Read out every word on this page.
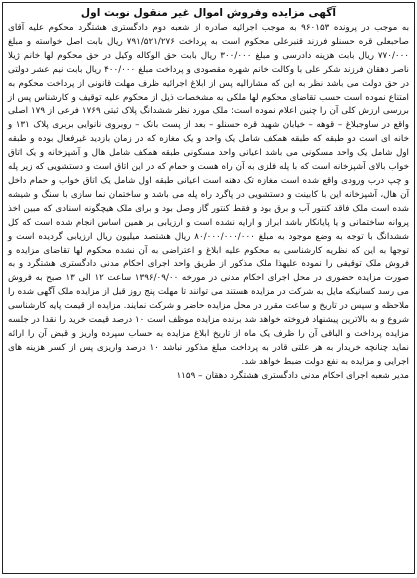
آگهی مزایده وفروش اموال غیر منقول نوبت اول

به موجب در پرونده ۹۶۰۱۵۳ به موجب اجرائیه صادره از شعبه دوم دادگستری هشتگرد محکوم علیه آقای صاحبعلی قره حسنلو فرزند قنبرعلی محکوم است به پرداخت ۷۹۱/۵۲۱/۲۷۶ ریال بابت اصل خواسته و مبلغ ۷۷۰/۰۰۰ ریال بابت هزینه دادرسی و مبلغ ۳۰۰/۰۰۰ ریال بابت حق الوکاله وکیل در حق محکوم لها خانم ژیلا ناصر دهقان فرزند شکر علی با وکالت خانم شهره مقصودی و پرداخت مبلغ ۴۰۰/۰۰۰ ریال بابت نیم عشر دولتی در حق دولت می باشد نظر به این که مشارالیه پس از ابلاغ اجرائیه ظرف مهلت قانونی از پرداخت محکوم به امتناع نموده است حسب تقاضای محکوم لها ملکی به مشخصات ذیل از محکوم علیه توقیف و کارشناس پس از بررسی ارزش کلی آن را چنین اعلام نموده است: ملک مورد نظر ششدانگ پلاک ثبتی ۱۷۶۹ فرعی از ۱۷۹ اصلی واقع در ساوجبلاغ – قوهه – خیابان شهید قره حسنلو – بعد از پست بانک – روبروی نانوایی بربری پلاک ۱۳۱ و خانه ای است دو طبقه که طبقه همکف شامل یک واحد و یک مغازه که در زمان بازدید غیرفعال بوده و طبقه اول شامل یک واحد مسکونی می باشد اعیانی واحد مسکونی طبقه همکف شامل هال و آشپزخانه و یک اتاق خواب بالای آشپزخانه است که با پله فلزی به آن راه هست و حمام که در این اتاق است و دستشویی که زیر پله و چپ درب ورودی واقع شده است مغازه تک دهنه است اعیانی طبقه اول شامل یک اتاق خواب و حمام داخل آن هال، آشپزخانه این با کابینت و دستشویی در پاگرد راه پله می باشد و ساختمان نما سازی با سنگ و شیشه شده است ملک فاقد کنتور آب و برق بود و فقط کنتور گاز وصل بود و برای ملک هیچگونه اسنادی که مبین اخذ پروانه ساختمانی و یا پایانکار باشد ابراز و ارایه نشده است و ارزیابی بر همین اساس انجام شده است که کل ششدانگ با توجه به وضع موجود به مبلغ ۸۰/۰۰۰/۰۰۰/۰۰۰ ریال هشتصد میلیون ریال ارزیابی گردیده است و توجها به این که نظریه کارشناسی به محکوم علیه ابلاغ و اعتراضی به آن نشده محکوم لها تقاضای مزایده و فروش ملک توقیفی را نموده علیهذا ملک مذکور از طریق واحد اجرای احکام مدنی دادگستری هشتگرد و به صورت مزایده حضوری در محل اجرای احکام مدنی در مورخه ۱۳۹۶/۰۹/۰۰ ساعت ۱۲ الی ۱۳ صبح به فروش می رسد کسانیکه مایل به شرکت در مزایده هستند می توانند تا مهلت پنج روز قبل از مزایده ملک آگهی شده را ملاحظه و سپس در تاریخ و ساعت مقرر در محل مزایده حاضر و شرکت نمایند. مزایده از قیمت پایه کارشناسی شروع و به بالاترین پیشنهاد فروخته خواهد شد برنده مزایده موظف است ۱۰ درصد قیمت خرید را نقدا در جلسه مزایده پرداخت و الباقی آن را ظرف یک ماه از تاریخ ابلاغ مزایده به حساب سپرده واریز و قبض آن را ارائه نماید چنانچه خریدار به هر علتی قادر به پرداخت مبلغ مذکور نباشد ۱۰ درصد واریزی پس از کسر هزینه های اجرایی و مزایده به نفع دولت ضبط خواهد شد.

مدیر شعبه اجرای احکام مدنی دادگستری هشتگرد دهقان – ۱۱۵۹
